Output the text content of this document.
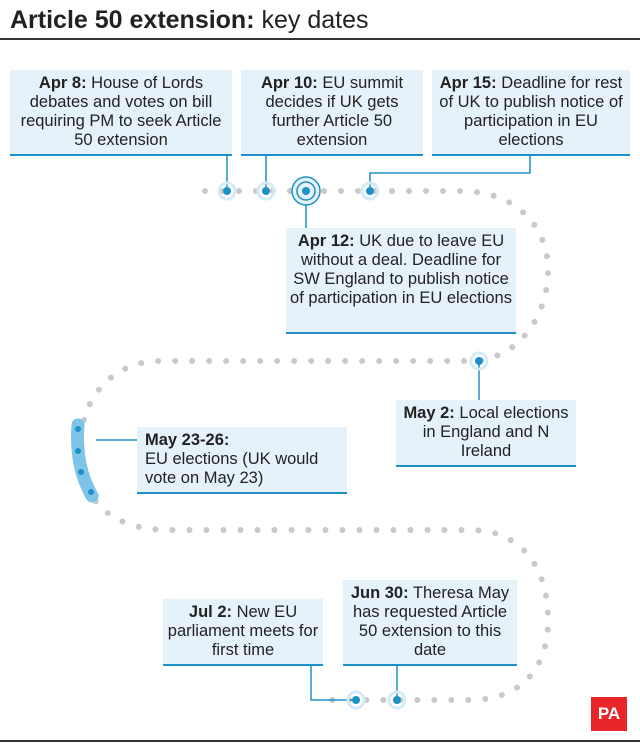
Article 50 extension: key dates
Apr 8: House of Lords debates and votes on bill requiring PM to seek Article 50 extension
Apr 10: EU summit decides if UK gets further Article 50 extension
Apr 15: Deadline for rest of UK to publish notice of participation in EU elections
Apr 12: UK due to leave EU without a deal. Deadline for SW England to publish notice of participation in EU elections
May 2: Local elections in England and N Ireland
May 23-26:
EU elections (UK would vote on May 23)
Jun 30: Theresa May has requested Article 50 extension to this date
Jul 2: New EU parliament meets for first time
PA
